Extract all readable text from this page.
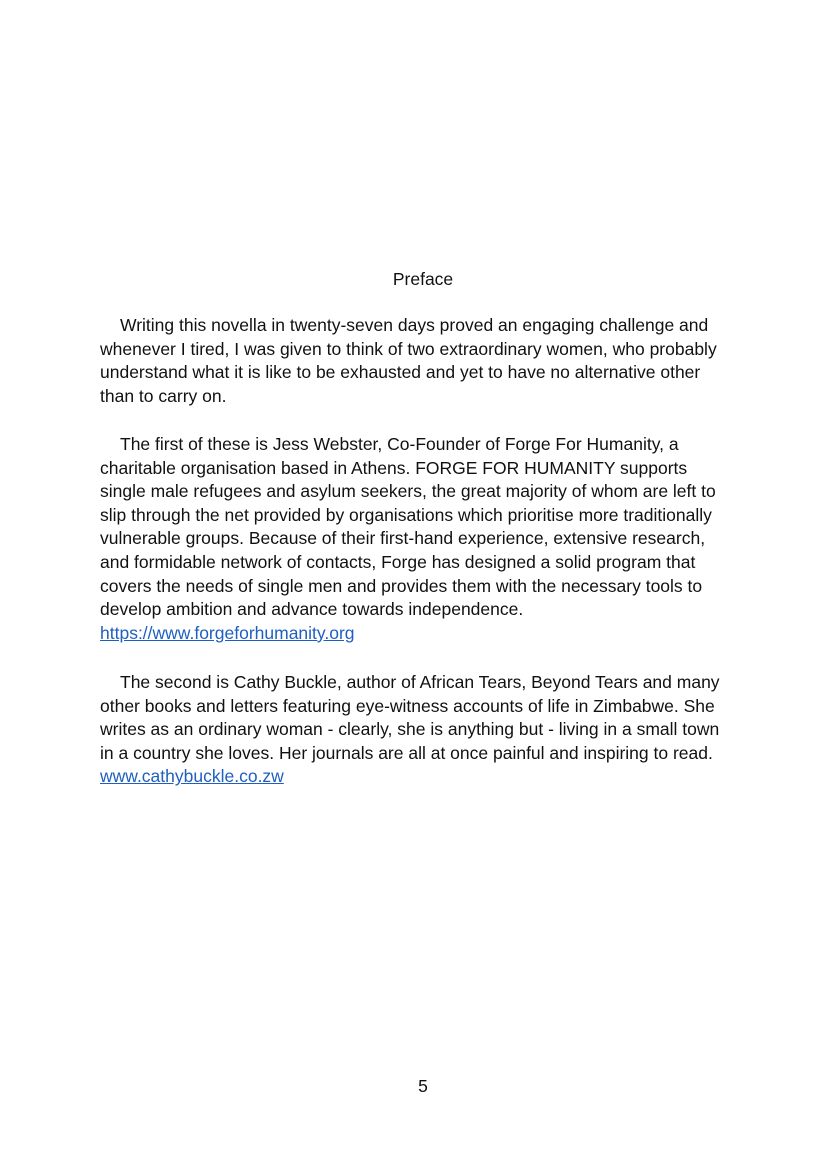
Preface

Writing this novella in twenty-seven days proved an engaging challenge and whenever I tired, I was given to think of two extraordinary women, who probably understand what it is like to be exhausted and yet to have no alternative other than to carry on.

The first of these is Jess Webster, Co-Founder of Forge For Humanity, a charitable organisation based in Athens. FORGE FOR HUMANITY supports single male refugees and asylum seekers, the great majority of whom are left to slip through the net provided by organisations which prioritise more traditionally vulnerable groups. Because of their first-hand experience, extensive research, and formidable network of contacts, Forge has designed a solid program that covers the needs of single men and provides them with the necessary tools to develop ambition and advance towards independence.
https://www.forgeforhumanity.org

The second is Cathy Buckle, author of African Tears, Beyond Tears and many other books and letters featuring eye-witness accounts of life in Zimbabwe. She writes as an ordinary woman - clearly, she is anything but - living in a small town in a country she loves. Her journals are all at once painful and inspiring to read. www.cathybuckle.co.zw

5
